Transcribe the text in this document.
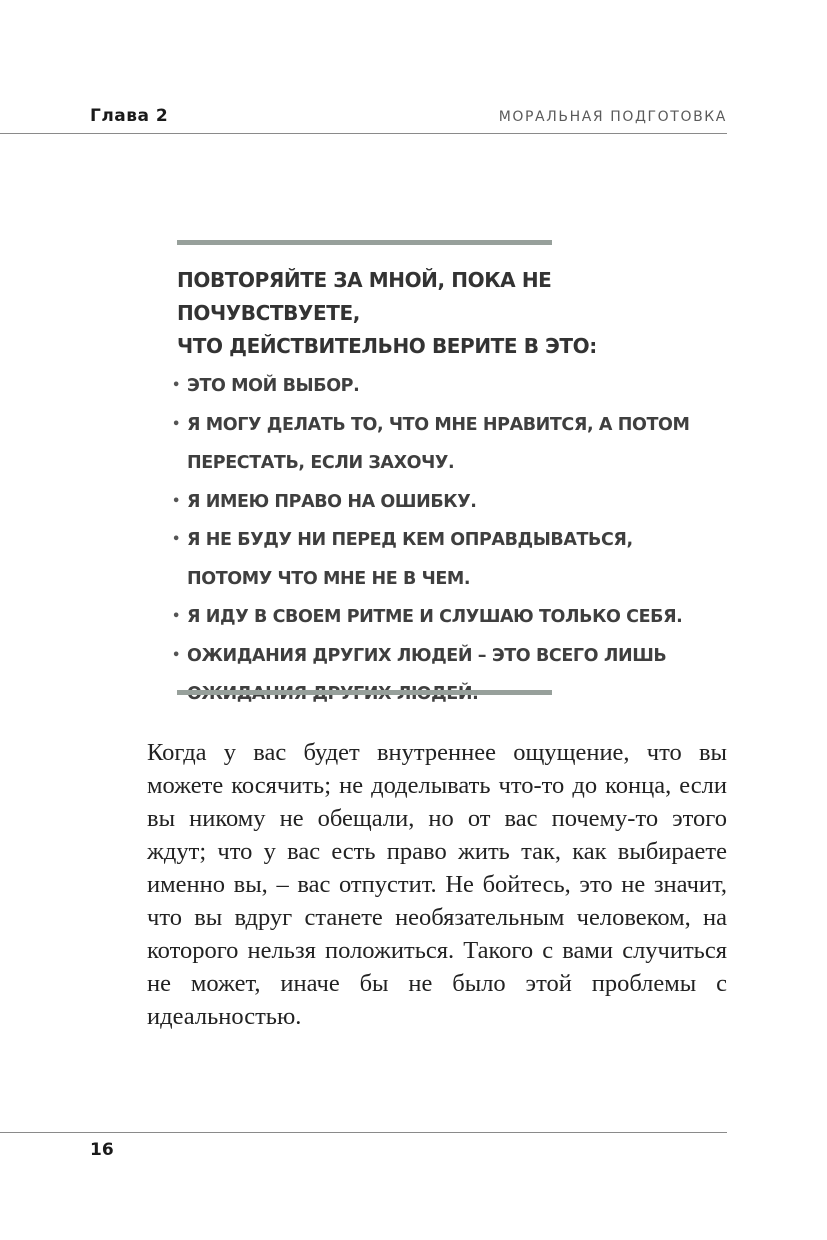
Глава 2	МОРАЛЬНАЯ ПОДГОТОВКА
ПОВТОРЯЙТЕ ЗА МНОЙ, ПОКА НЕ ПОЧУВСТВУЕТЕ,
ЧТО ДЕЙСТВИТЕЛЬНО ВЕРИТЕ В ЭТО:
• ЭТО МОЙ ВЫБОР.
• Я МОГУ ДЕЛАТЬ ТО, ЧТО МНЕ НРАВИТСЯ, А ПОТОМ
ПЕРЕСТАТЬ, ЕСЛИ ЗАХОЧУ.
• Я ИМЕЮ ПРАВО НА ОШИБКУ.
• Я НЕ БУДУ НИ ПЕРЕД КЕМ ОПРАВДЫВАТЬСЯ,
ПОТОМУ ЧТО МНЕ НЕ В ЧЕМ.
• Я ИДУ В СВОЕМ РИТМЕ И СЛУШАЮ ТОЛЬКО СЕБЯ.
• ОЖИДАНИЯ ДРУГИХ ЛЮДЕЙ – ЭТО ВСЕГО ЛИШЬ

Когда у вас будет внутреннее ощущение, что вы можете косячить; не доделывать что-то до конца, если вы никому не обещали, но от вас почему-то этого ждут; что у вас есть право жить так, как выбираете именно вы, – вас отпустит. Не бойтесь, это не значит, что вы вдруг станете необязательным человеком, на которого нельзя положиться. Такого с вами случиться не может, иначе бы не было этой проблемы с идеальностью.

16
